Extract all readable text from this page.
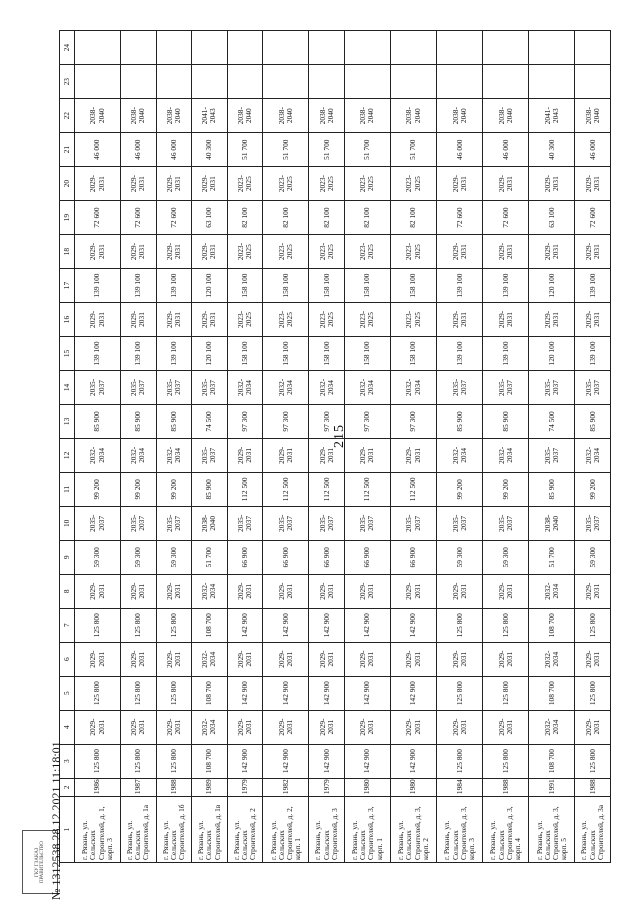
215
1	2	3	4	5	6	7	8	9	10	11	12	13	14	15	16	17	18	19	20	21	22	23	24
г. Рязань, ул. Сельских Строителей, д. 1, корп. 3	1986	125 800	2029-2031	125 800	2029-2031	125 800	2029-2031	59 300	2035-2037	99 200	2032-2034	85 900	2035-2037	139 100	2029-2031	139 100	2029-2031	72 600	2029-2031	46 000	2038-2040		
г. Рязань, ул. Сельских Строителей, д. 1а	1987	125 800	2029-2031	125 800	2029-2031	125 800	2029-2031	59 300	2035-2037	99 200	2032-2034	85 900	2035-2037	139 100	2029-2031	139 100	2029-2031	72 600	2029-2031	46 000	2038-2040		
г. Рязань, ул. Сельских Строителей, д. 1б	1988	125 800	2029-2031	125 800	2029-2031	125 800	2029-2031	59 300	2035-2037	99 200	2032-2034	85 900	2035-2037	139 100	2029-2031	139 100	2029-2031	72 600	2029-2031	46 000	2038-2040		
г. Рязань, ул. Сельских Строителей, д. 1в	1989	108 700	2032-2034	108 700	2032-2034	108 700	2032-2034	51 700	2038-2040	85 900	2035-2037	74 500	2035-2037	120 100	2029-2031	120 100	2029-2031	63 100	2029-2031	40 300	2041-2043		
г. Рязань, ул. Сельских Строителей, д. 2	1979	142 900	2029-2031	142 900	2029-2031	142 900	2029-2031	66 900	2035-2037	112 500	2029-2031	97 300	2032-2034	158 100	2023-2025	158 100	2023-2025	82 100	2023-2025	51 700	2038-2040		
г. Рязань, ул. Сельских Строителей, д. 2, корп. 1	1982	142 900	2029-2031	142 900	2029-2031	142 900	2029-2031	66 900	2035-2037	112 500	2029-2031	97 300	2032-2034	158 100	2023-2025	158 100	2023-2025	82 100	2023-2025	51 700	2038-2040		
г. Рязань, ул. Сельских Строителей, д. 3	1979	142 900	2029-2031	142 900	2029-2031	142 900	2029-2031	66 900	2035-2037	112 500	2029-2031	97 300	2032-2034	158 100	2023-2025	158 100	2023-2025	82 100	2023-2025	51 700	2038-2040		
г. Рязань, ул. Сельских Строителей, д. 3, корп. 1	1980	142 900	2029-2031	142 900	2029-2031	142 900	2029-2031	66 900	2035-2037	112 500	2029-2031	97 300	2032-2034	158 100	2023-2025	158 100	2023-2025	82 100	2023-2025	51 700	2038-2040		
г. Рязань, ул. Сельских Строителей, д. 3, корп. 2	1980	142 900	2029-2031	142 900	2029-2031	142 900	2029-2031	66 900	2035-2037	112 500	2029-2031	97 300	2032-2034	158 100	2023-2025	158 100	2023-2025	82 100	2023-2025	51 700	2038-2040		
г. Рязань, ул. Сельских Строителей, д. 3, корп. 3	1984	125 800	2029-2031	125 800	2029-2031	125 800	2029-2031	59 300	2035-2037	99 200	2032-2034	85 900	2035-2037	139 100	2029-2031	139 100	2029-2031	72 600	2029-2031	46 000	2038-2040		
г. Рязань, ул. Сельских Строителей, д. 3, корп. 4	1988	125 800	2029-2031	125 800	2029-2031	125 800	2029-2031	59 300	2035-2037	99 200	2032-2034	85 900	2035-2037	139 100	2029-2031	139 100	2029-2031	72 600	2029-2031	46 000	2038-2040		
г. Рязань, ул. Сельских Строителей, д. 3, корп. 5	1991	108 700	2032-2034	108 700	2032-2034	108 700	2032-2034	51 700	2038-2040	85 900	2035-2037	74 500	2035-2037	120 100	2029-2031	120 100	2029-2031	63 100	2029-2031	40 300	2041-2043		
г. Рязань, ул. Сельских Строителей, д. 3а	1988	125 800	2029-2031	125 800	2029-2031	125 800	2029-2031	59 300	2035-2037	99 200	2032-2034	85 900	2035-2037	139 100	2029-2031	139 100	2029-2031	72 600	2029-2031	46 000	2038-2040		
ГКУ ГЗАКАЗ ПРАВИТЕЛЬСТВО № 1312538 28.12.2021 11:18:01
